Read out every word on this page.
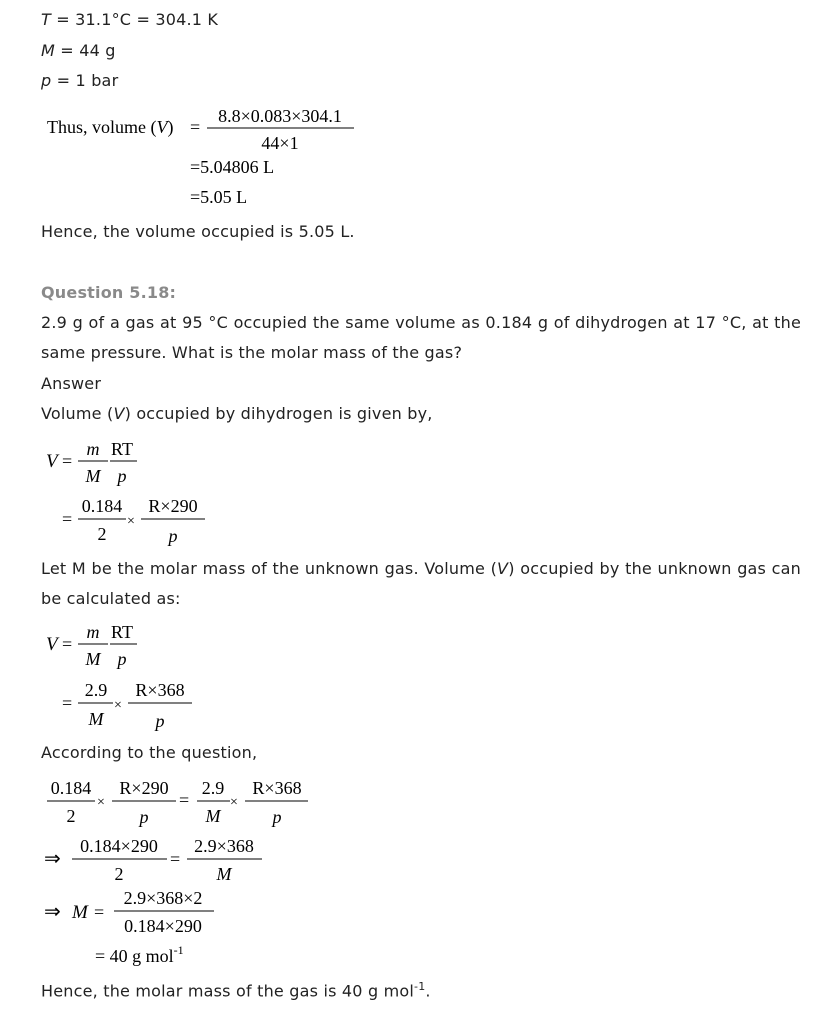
T = 31.1°C = 304.1 K
M = 44 g
p = 1 bar
Thus, volume (V) =
8.8×0.083×304.1
44×1
=5.04806 L
=5.05 L
Hence, the volume occupied is 5.05 L.
Question 5.18:
2.9 g of a gas at 95 °C occupied the same volume as 0.184 g of dihydrogen at 17 °C, at the same pressure. What is the molar mass of the gas?
Answer
Volume (V) occupied by dihydrogen is given by,
V =
m
M
RT
p
=
0.184
2
×
R×290
p
Let M be the molar mass of the unknown gas. Volume (V) occupied by the unknown gas can be calculated as:
V =
m
M
RT
p
=
2.9
M
×
R×368
p
According to the question,
0.184
2
×
R×290
p
=
2.9
M
×
R×368
p
⇒
0.184×290
2
=
2.9×368
M
⇒ M =
2.9×368×2
0.184×290
= 40 g mol$^{-1}$
Hence, the molar mass of the gas is 40 g mol$^{-1}$.
